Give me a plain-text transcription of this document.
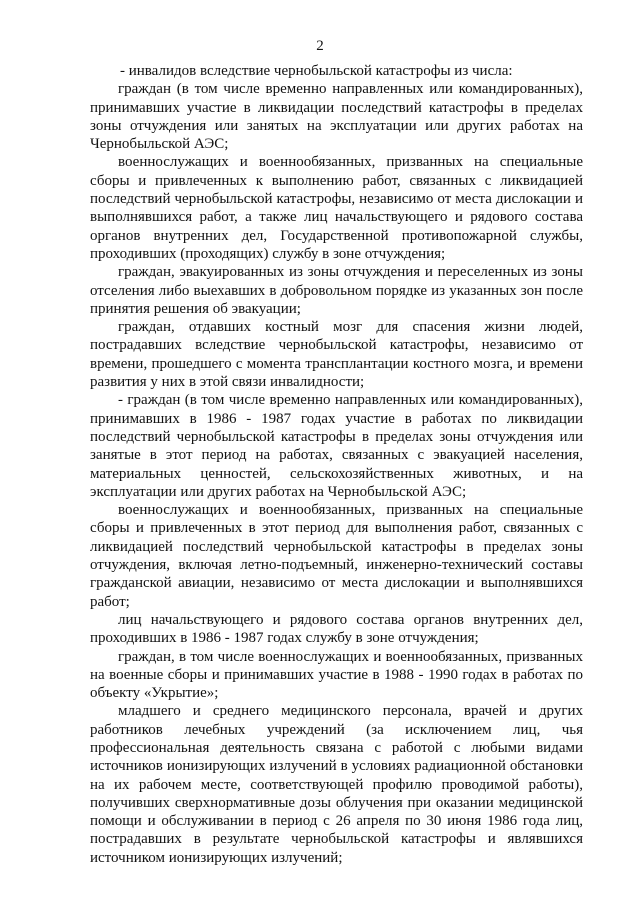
2

- инвалидов вследствие чернобыльской катастрофы из числа:

граждан (в том числе временно направленных или командированных), принимавших участие в ликвидации последствий катастрофы в пределах зоны отчуждения или занятых на эксплуатации или других работах на Чернобыльской АЭС;

военнослужащих и военнообязанных, призванных на специальные сборы и привлеченных к выполнению работ, связанных с ликвидацией последствий чернобыльской катастрофы, независимо от места дислокации и выполнявшихся работ, а также лиц начальствующего и рядового состава органов внутренних дел, Государственной противопожарной службы, проходивших (проходящих) службу в зоне отчуждения;

граждан, эвакуированных из зоны отчуждения и переселенных из зоны отселения либо выехавших в добровольном порядке из указанных зон после принятия решения об эвакуации;

граждан, отдавших костный мозг для спасения жизни людей, пострадавших вследствие чернобыльской катастрофы, независимо от времени, прошедшего с момента трансплантации костного мозга, и времени развития у них в этой связи инвалидности;

- граждан (в том числе временно направленных или командированных), принимавших в 1986 - 1987 годах участие в работах по ликвидации последствий чернобыльской катастрофы в пределах зоны отчуждения или занятые в этот период на работах, связанных с эвакуацией населения, материальных ценностей, сельскохозяйственных животных, и на эксплуатации или других работах на Чернобыльской АЭС;

военнослужащих и военнообязанных, призванных на специальные сборы и привлеченных в этот период для выполнения работ, связанных с ликвидацией последствий чернобыльской катастрофы в пределах зоны отчуждения, включая летно-подъемный, инженерно-технический составы гражданской авиации, независимо от места дислокации и выполнявшихся работ;

лиц начальствующего и рядового состава органов внутренних дел, проходивших в 1986 - 1987 годах службу в зоне отчуждения;

граждан, в том числе военнослужащих и военнообязанных, призванных на военные сборы и принимавших участие в 1988 - 1990 годах в работах по объекту «Укрытие»;

младшего и среднего медицинского персонала, врачей и других работников лечебных учреждений (за исключением лиц, чья профессиональная деятельность связана с работой с любыми видами источников ионизирующих излучений в условиях радиационной обстановки на их рабочем месте, соответствующей профилю проводимой работы), получивших сверхнормативные дозы облучения при оказании медицинской помощи и обслуживании в период с 26 апреля по 30 июня 1986 года лиц, пострадавших в результате чернобыльской катастрофы и являвшихся источником ионизирующих излучений;
